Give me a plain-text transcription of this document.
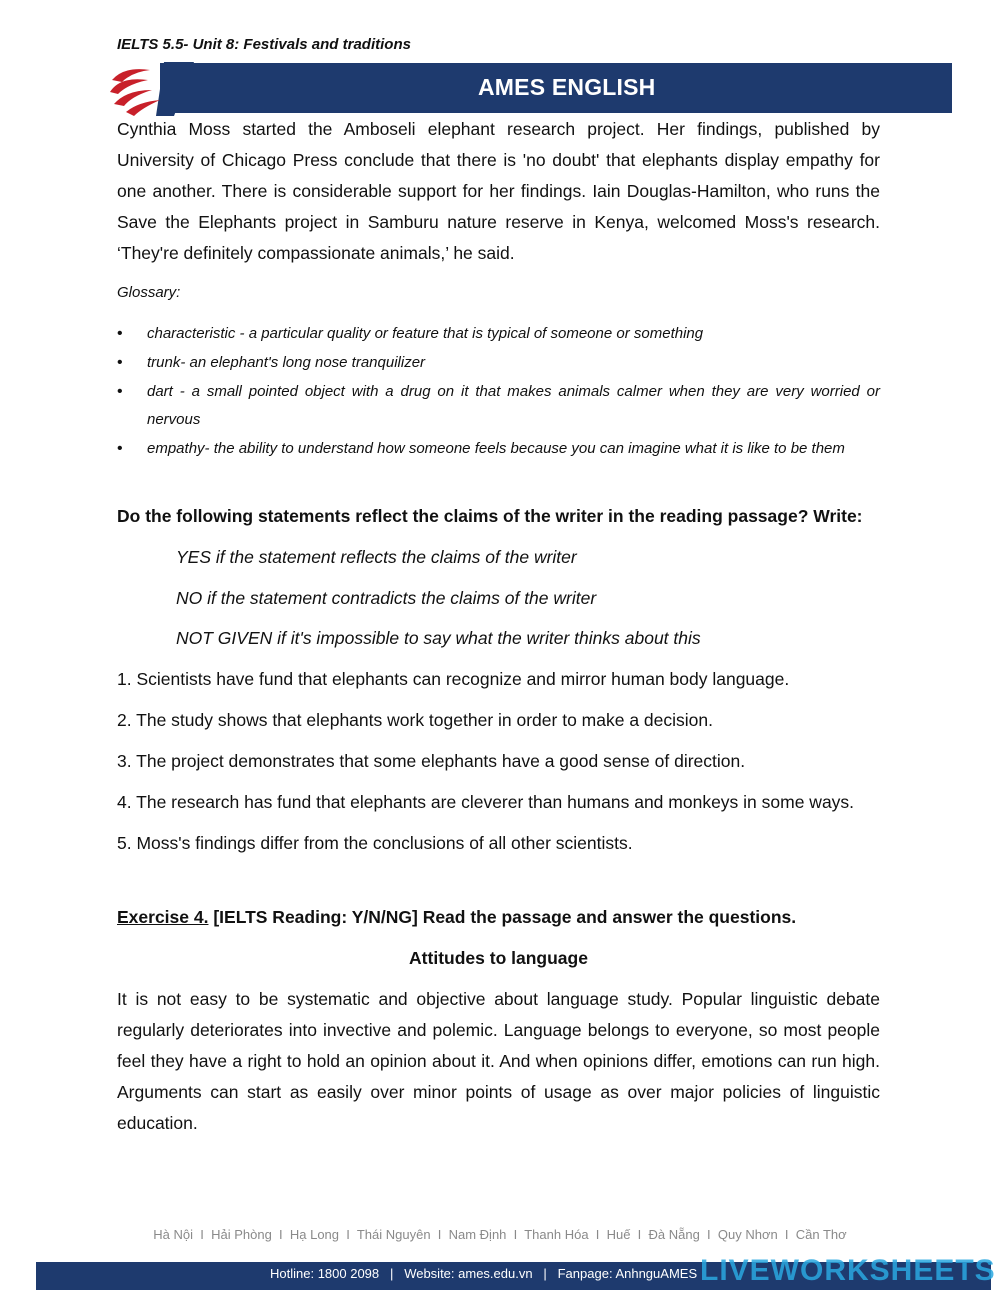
IELTS 5.5- Unit 8: Festivals and traditions
AMES ENGLISH
Cynthia Moss started the Amboseli elephant research project. Her findings, published by University of Chicago Press conclude that there is 'no doubt' that elephants display empathy for one another. There is considerable support for her findings. Iain Douglas-Hamilton, who runs the Save the Elephants project in Samburu nature reserve in Kenya, welcomed Moss's research. ‘They're definitely compassionate animals,’ he said.
Glossary:
• characteristic - a particular quality or feature that is typical of someone or something
• trunk- an elephant's long nose tranquilizer
• dart - a small pointed object with a drug on it that makes animals calmer when they are very worried or nervous
• empathy- the ability to understand how someone feels because you can imagine what it is like to be them
Do the following statements reflect the claims of the writer in the reading passage? Write:
YES if the statement reflects the claims of the writer
NO if the statement contradicts the claims of the writer
NOT GIVEN if it's impossible to say what the writer thinks about this
1. Scientists have fund that elephants can recognize and mirror human body language.
2. The study shows that elephants work together in order to make a decision.
3. The project demonstrates that some elephants have a good sense of direction.
4. The research has fund that elephants are cleverer than humans and monkeys in some ways.
5. Moss's findings differ from the conclusions of all other scientists.
Exercise 4. [IELTS Reading: Y/N/NG] Read the passage and answer the questions.
Attitudes to language
It is not easy to be systematic and objective about language study. Popular linguistic debate regularly deteriorates into invective and polemic. Language belongs to everyone, so most people feel they have a right to hold an opinion about it. And when opinions differ, emotions can run high. Arguments can start as easily over minor points of usage as over major policies of linguistic education.
Hà Nội  I  Hải Phòng  I  Hạ Long  I  Thái Nguyên  I  Nam Định  I  Thanh Hóa  I  Huế  I  Đà Nẵng  I  Quy Nhơn  I  Cần Thơ
Hotline: 1800 2098   |   Website: ames.edu.vn   |   Fanpage: AnhnguAMES LIVEWORKSHEETS
